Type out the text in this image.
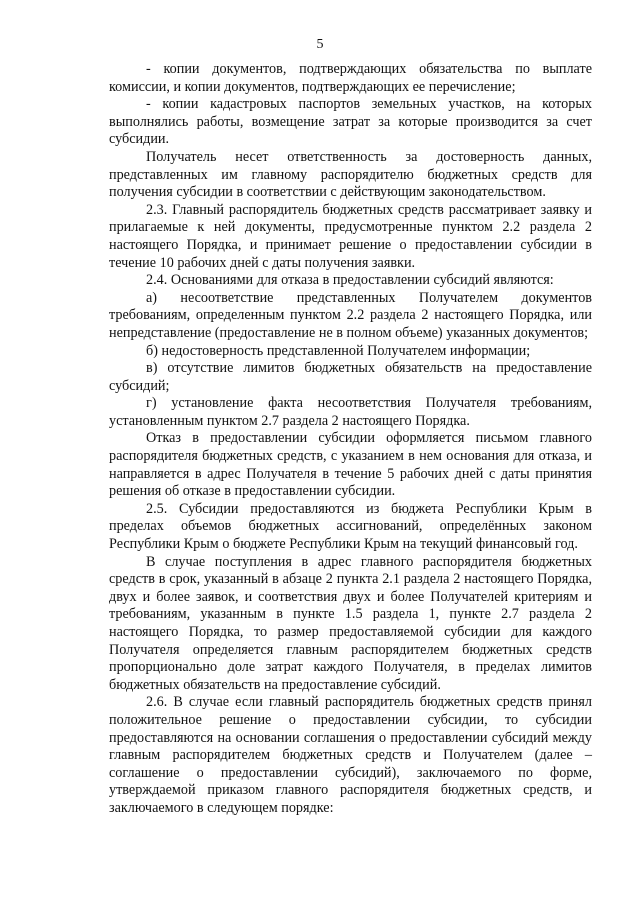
5

- копии документов, подтверждающих обязательства по выплате комиссии, и копии документов, подтверждающих ее перечисление;

- копии кадастровых паспортов земельных участков, на которых выполнялись работы, возмещение затрат за которые производится за счет субсидии.

Получатель несет ответственность за достоверность данных, представленных им главному распорядителю бюджетных средств для получения субсидии в соответствии с действующим законодательством.

2.3. Главный распорядитель бюджетных средств рассматривает заявку и прилагаемые к ней документы, предусмотренные пунктом 2.2 раздела 2 настоящего Порядка, и принимает решение о предоставлении субсидии в течение 10 рабочих дней с даты получения заявки.

2.4. Основаниями для отказа в предоставлении субсидий являются:

а) несоответствие представленных Получателем документов требованиям, определенным пунктом 2.2 раздела 2 настоящего Порядка, или непредставление (предоставление не в полном объеме) указанных документов;

б) недостоверность представленной Получателем информации;

в) отсутствие лимитов бюджетных обязательств на предоставление субсидий;

г) установление факта несоответствия Получателя требованиям, установленным пунктом 2.7 раздела 2 настоящего Порядка.

Отказ в предоставлении субсидии оформляется письмом главного распорядителя бюджетных средств, с указанием в нем основания для отказа, и направляется в адрес Получателя в течение 5 рабочих дней с даты принятия решения об отказе в предоставлении субсидии.

2.5. Субсидии предоставляются из бюджета Республики Крым в пределах объемов бюджетных ассигнований, определённых законом Республики Крым о бюджете Республики Крым на текущий финансовый год.

В случае поступления в адрес главного распорядителя бюджетных средств в срок, указанный в абзаце 2 пункта 2.1 раздела 2 настоящего Порядка, двух и более заявок, и соответствия двух и более Получателей критериям и требованиям, указанным в пункте 1.5 раздела 1, пункте 2.7 раздела 2 настоящего Порядка, то размер предоставляемой субсидии для каждого Получателя определяется главным распорядителем бюджетных средств пропорционально доле затрат каждого Получателя, в пределах лимитов бюджетных обязательств на предоставление субсидий.

2.6. В случае если главный распорядитель бюджетных средств принял положительное решение о предоставлении субсидии, то субсидии предоставляются на основании соглашения о предоставлении субсидий между главным распорядителем бюджетных средств и Получателем (далее – соглашение о предоставлении субсидий), заключаемого по форме, утверждаемой приказом главного распорядителя бюджетных средств, и заключаемого в следующем порядке:
